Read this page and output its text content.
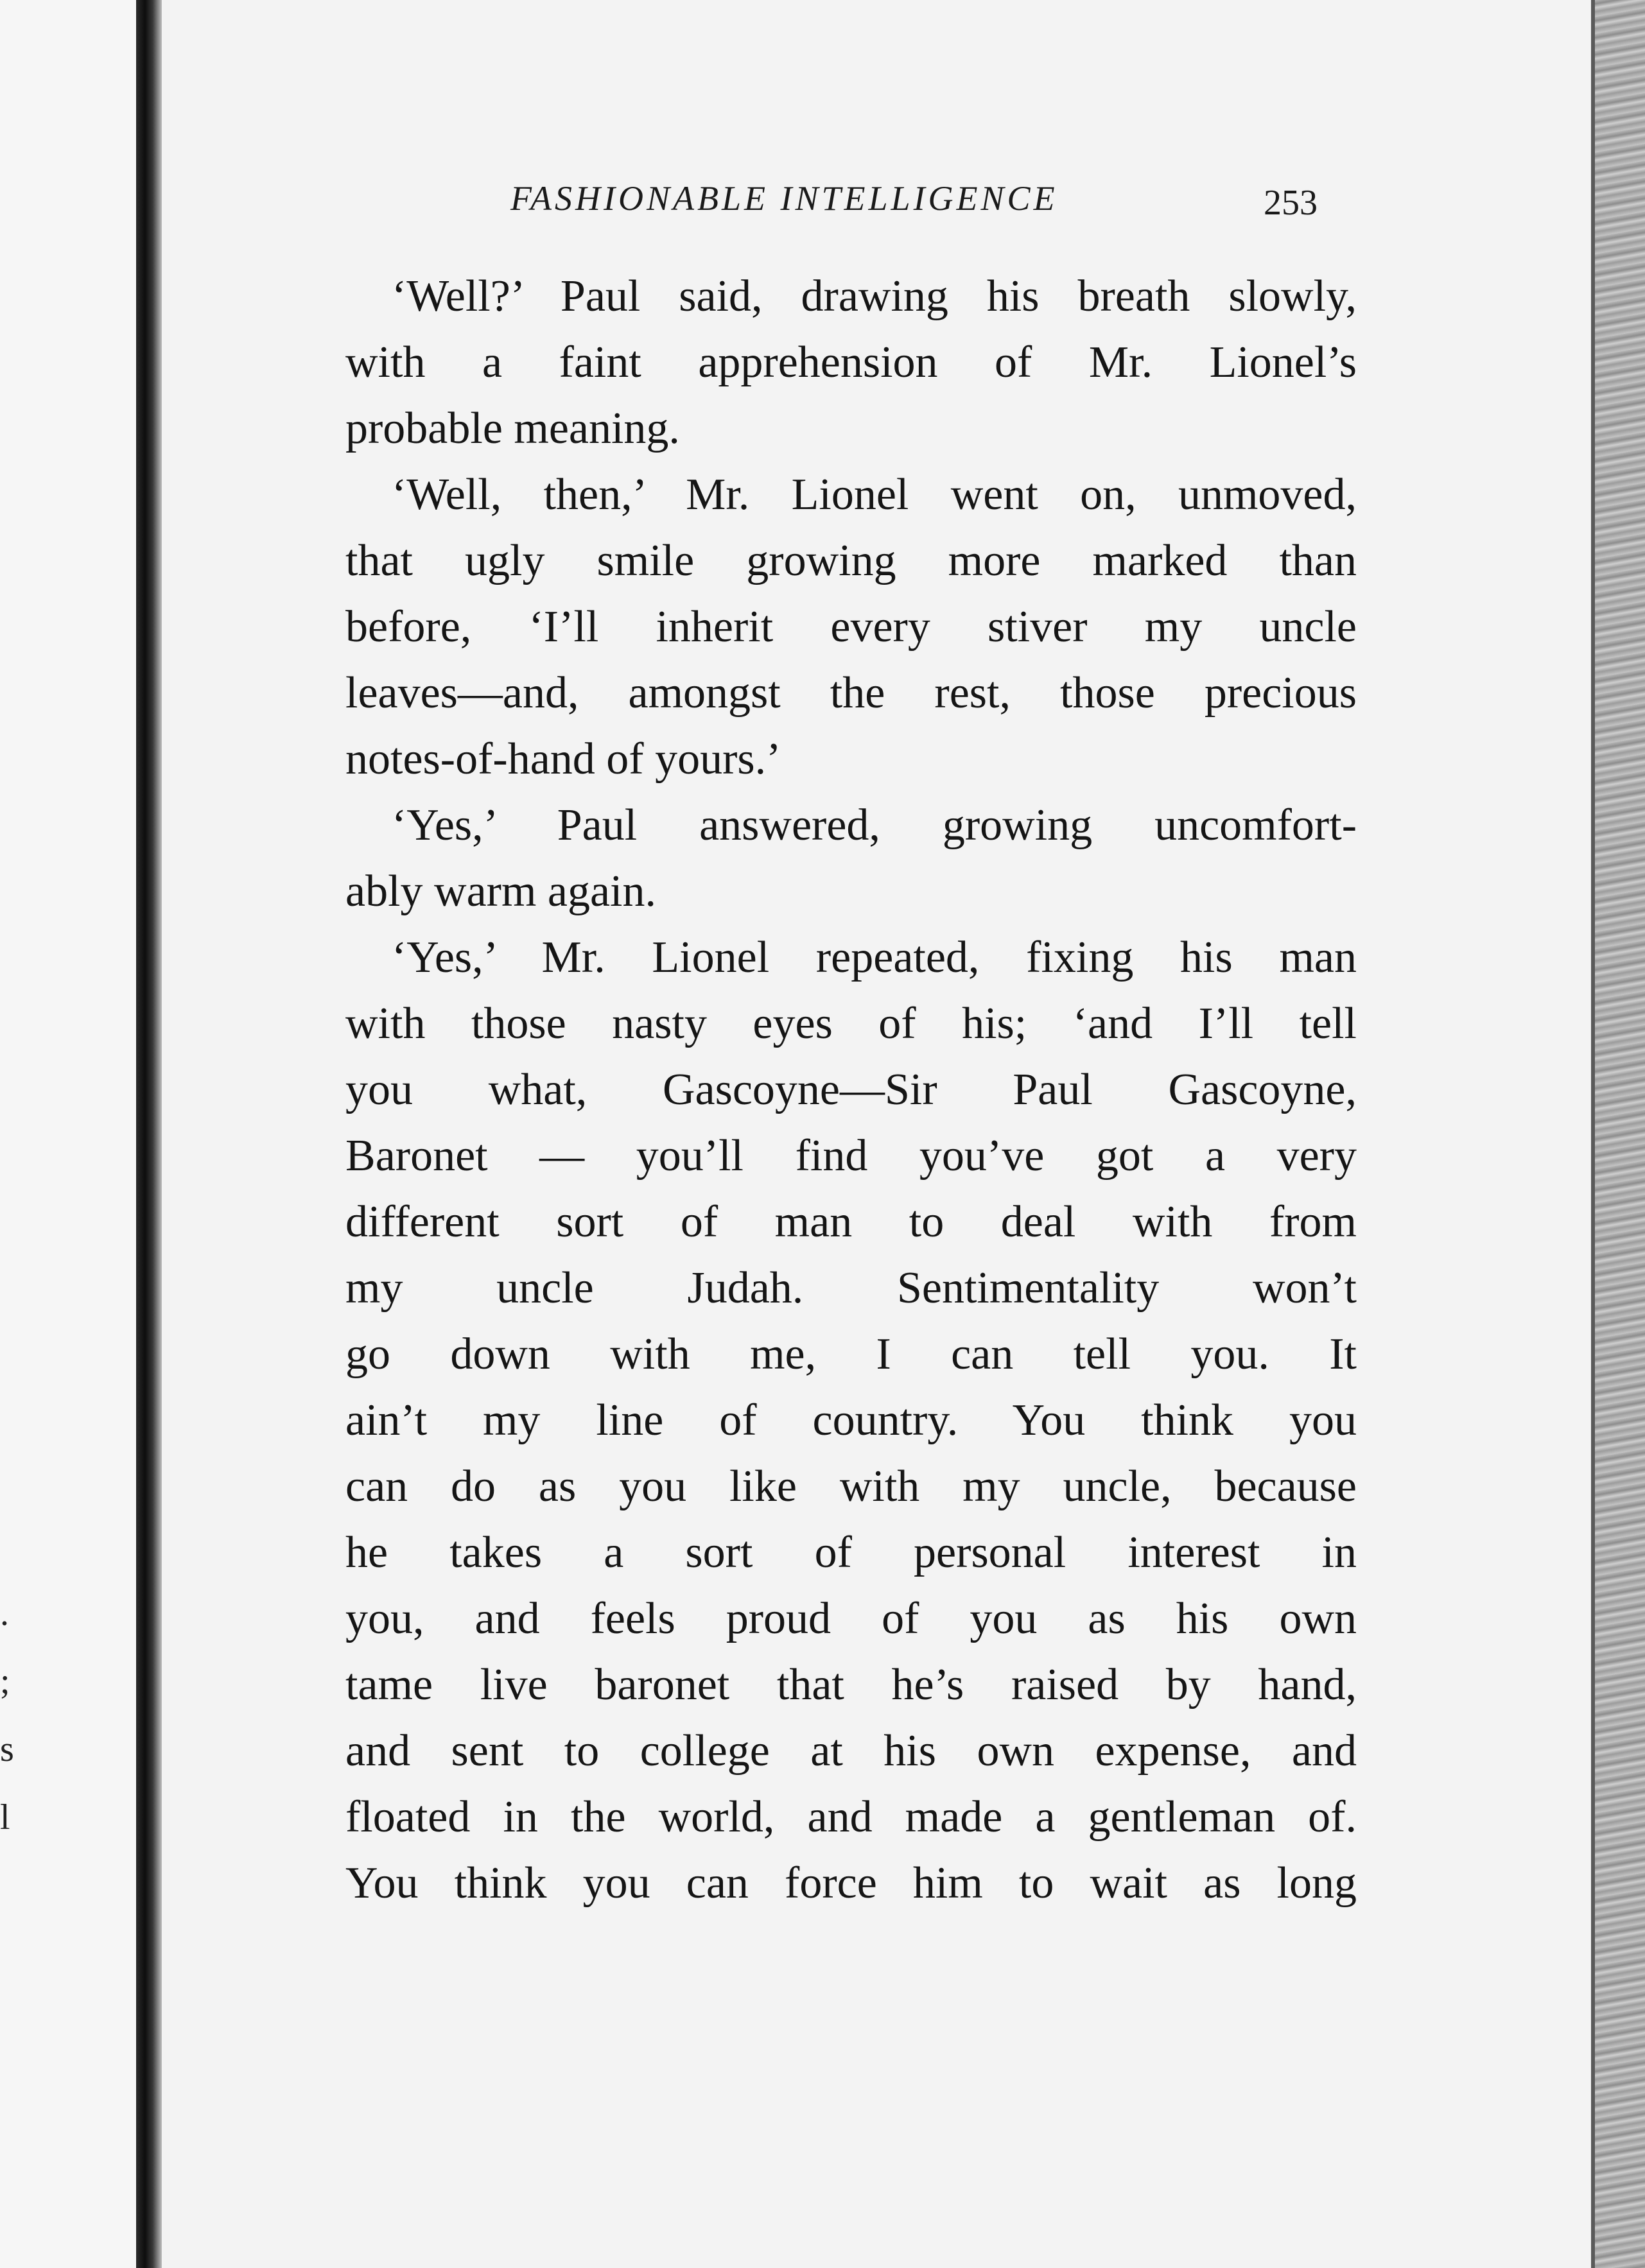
.
;
s
l
FASHIONABLE INTELLIGENCE	253
‘Well?’ Paul said, drawing his breath slowly,
with a faint apprehension of Mr. Lionel’s
probable meaning.
‘Well, then,’ Mr. Lionel went on, unmoved,
that ugly smile growing more marked than
before, ‘I’ll inherit every stiver my uncle
leaves—and, amongst the rest, those precious
notes-of-hand of yours.’
‘Yes,’ Paul answered, growing uncomfort-
ably warm again.
‘Yes,’ Mr. Lionel repeated, fixing his man
with those nasty eyes of his; ‘and I’ll tell
you what, Gascoyne—Sir Paul Gascoyne,
Baronet — you’ll find you’ve got a very
different sort of man to deal with from
my uncle Judah. Sentimentality won’t
go down with me, I can tell you. It
ain’t my line of country. You think you
can do as you like with my uncle, because
he takes a sort of personal interest in
you, and feels proud of you as his own
tame live baronet that he’s raised by hand,
and sent to college at his own expense, and
floated in the world, and made a gentleman of.
You think you can force him to wait as long
